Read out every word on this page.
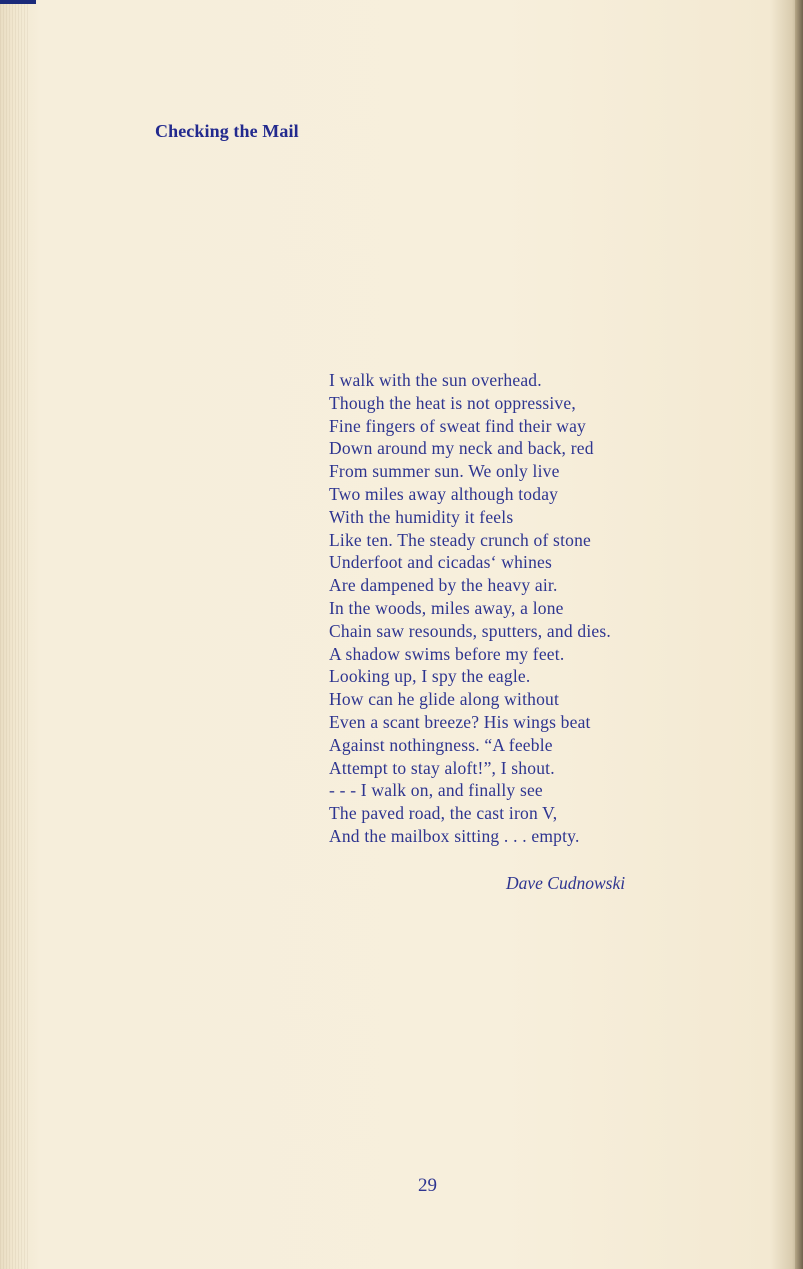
Checking the Mail
I walk with the sun overhead.
Though the heat is not oppressive,
Fine fingers of sweat find their way
Down around my neck and back, red
From summer sun. We only live
Two miles away although today
With the humidity it feels
Like ten. The steady crunch of stone
Underfoot and cicadas‘ whines
Are dampened by the heavy air.
In the woods, miles away, a lone
Chain saw resounds, sputters, and dies.
A shadow swims before my feet.
Looking up, I spy the eagle.
How can he glide along without
Even a scant breeze? His wings beat
Against nothingness. “A feeble
Attempt to stay aloft!”, I shout.
- - - I walk on, and finally see
The paved road, the cast iron V,
And the mailbox sitting . . . empty.
Dave Cudnowski
29
